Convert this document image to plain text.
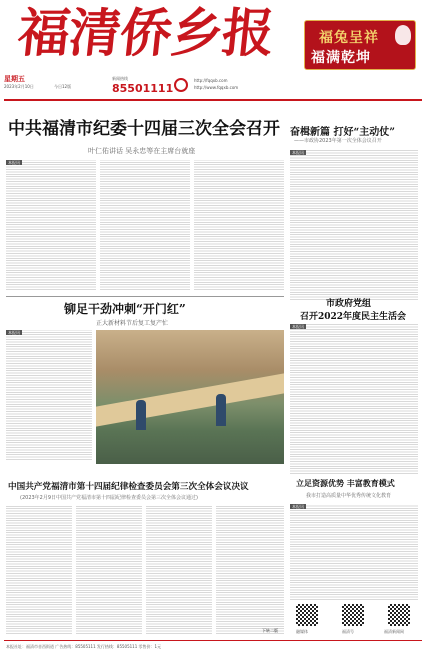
福清侨乡报	福兔呈祥
福满乾坤
星期五
2023年2月10日	今日12版
新闻热线
85501111
http://fqqxb.com
http://www.fqqxb.com
中共福清市纪委十四届三次全会召开
叶仁佑讲话 吴永忠等在主席台就座
奋楫新篇 打好“主动仗”
——市政协2023年第一次全体会议召开
本报讯
本报讯
铆足干劲冲刺“开门红”
正大新材料节后复工复产忙
本报讯
市政府党组
召开2022年度民主生活会
本报讯
立足资源优势 丰富教育模式
我市打造高质量中华优秀传统文化教育
本报讯
融媒体	福清号	福清新闻网
中国共产党福清市第十四届纪律检查委员会第三次全体会议决议
(2023年2月9日中国共产党福清市第十四届纪律检查委员会第三次全体会议通过)
下转二版
本报社址：福清市音西街道 广告热线：85505111 发行热线：85505111 零售价：1元
